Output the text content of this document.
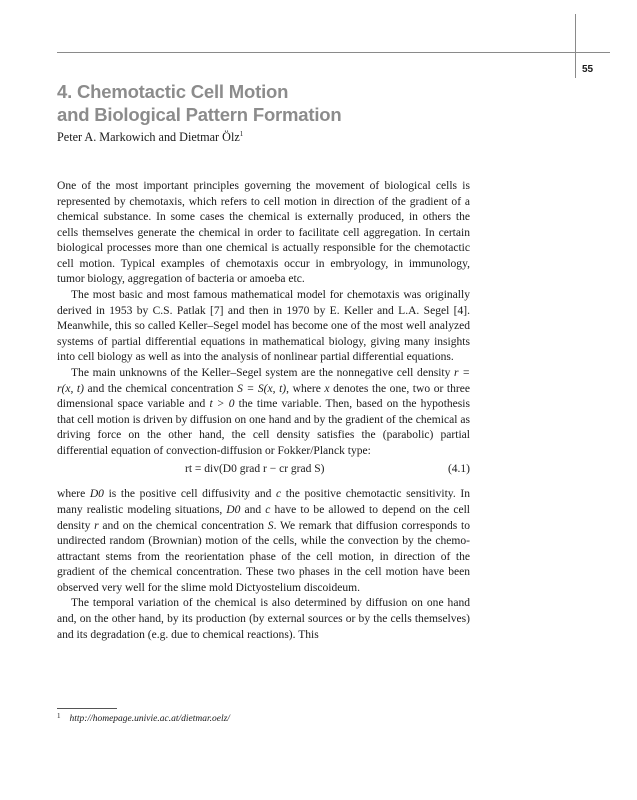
55
4. Chemotactic Cell Motion
and Biological Pattern Formation
Peter A. Markowich and Dietmar Ölz$^1$

One of the most important principles governing the movement of biological cells is represented by chemotaxis, which refers to cell motion in direction of the gradient of a chemical substance. In some cases the chemical is externally produced, in others the cells themselves generate the chemical in order to facilitate cell aggregation. In certain biological processes more than one chemical is actually responsible for the chemotactic cell motion. Typical examples of chemotaxis occur in embryology, in immunology, tumor biology, aggregation of bacteria or amoeba etc.

The most basic and most famous mathematical model for chemotaxis was originally derived in 1953 by C.S. Patlak [7] and then in 1970 by E. Keller and L.A. Segel [4]. Meanwhile, this so called Keller–Segel model has become one of the most well analyzed systems of partial differential equations in mathematical biology, giving many insights into cell biology as well as into the analysis of nonlinear partial differential equations.

The main unknowns of the Keller–Segel system are the nonnegative cell density r = r(x, t) and the chemical concentration S = S(x, t), where x denotes the one, two or three dimensional space variable and t > 0 the time variable. Then, based on the hypothesis that cell motion is driven by diffusion on one hand and by the gradient of the chemical as driving force on the other hand, the cell density satisfies the (parabolic) partial differential equation of convection-diffusion or Fokker/Planck type:

rt = div(D0 grad r − cr grad S)	(4.1)

where D0 is the positive cell diffusivity and c the positive chemotactic sensitivity. In many realistic modeling situations, D0 and c have to be allowed to depend on the cell density r and on the chemical concentration S. We remark that diffusion corresponds to undirected random (Brownian) motion of the cells, while the convection by the chemo-attractant stems from the reorientation phase of the cell motion, in direction of the gradient of the chemical concentration. These two phases in the cell motion have been observed very well for the slime mold Dictyostelium discoideum.

The temporal variation of the chemical is also determined by diffusion on one hand and, on the other hand, by its production (by external sources or by the cells themselves) and its degradation (e.g. due to chemical reactions). This

$^1$ http://homepage.univie.ac.at/dietmar.oelz/
